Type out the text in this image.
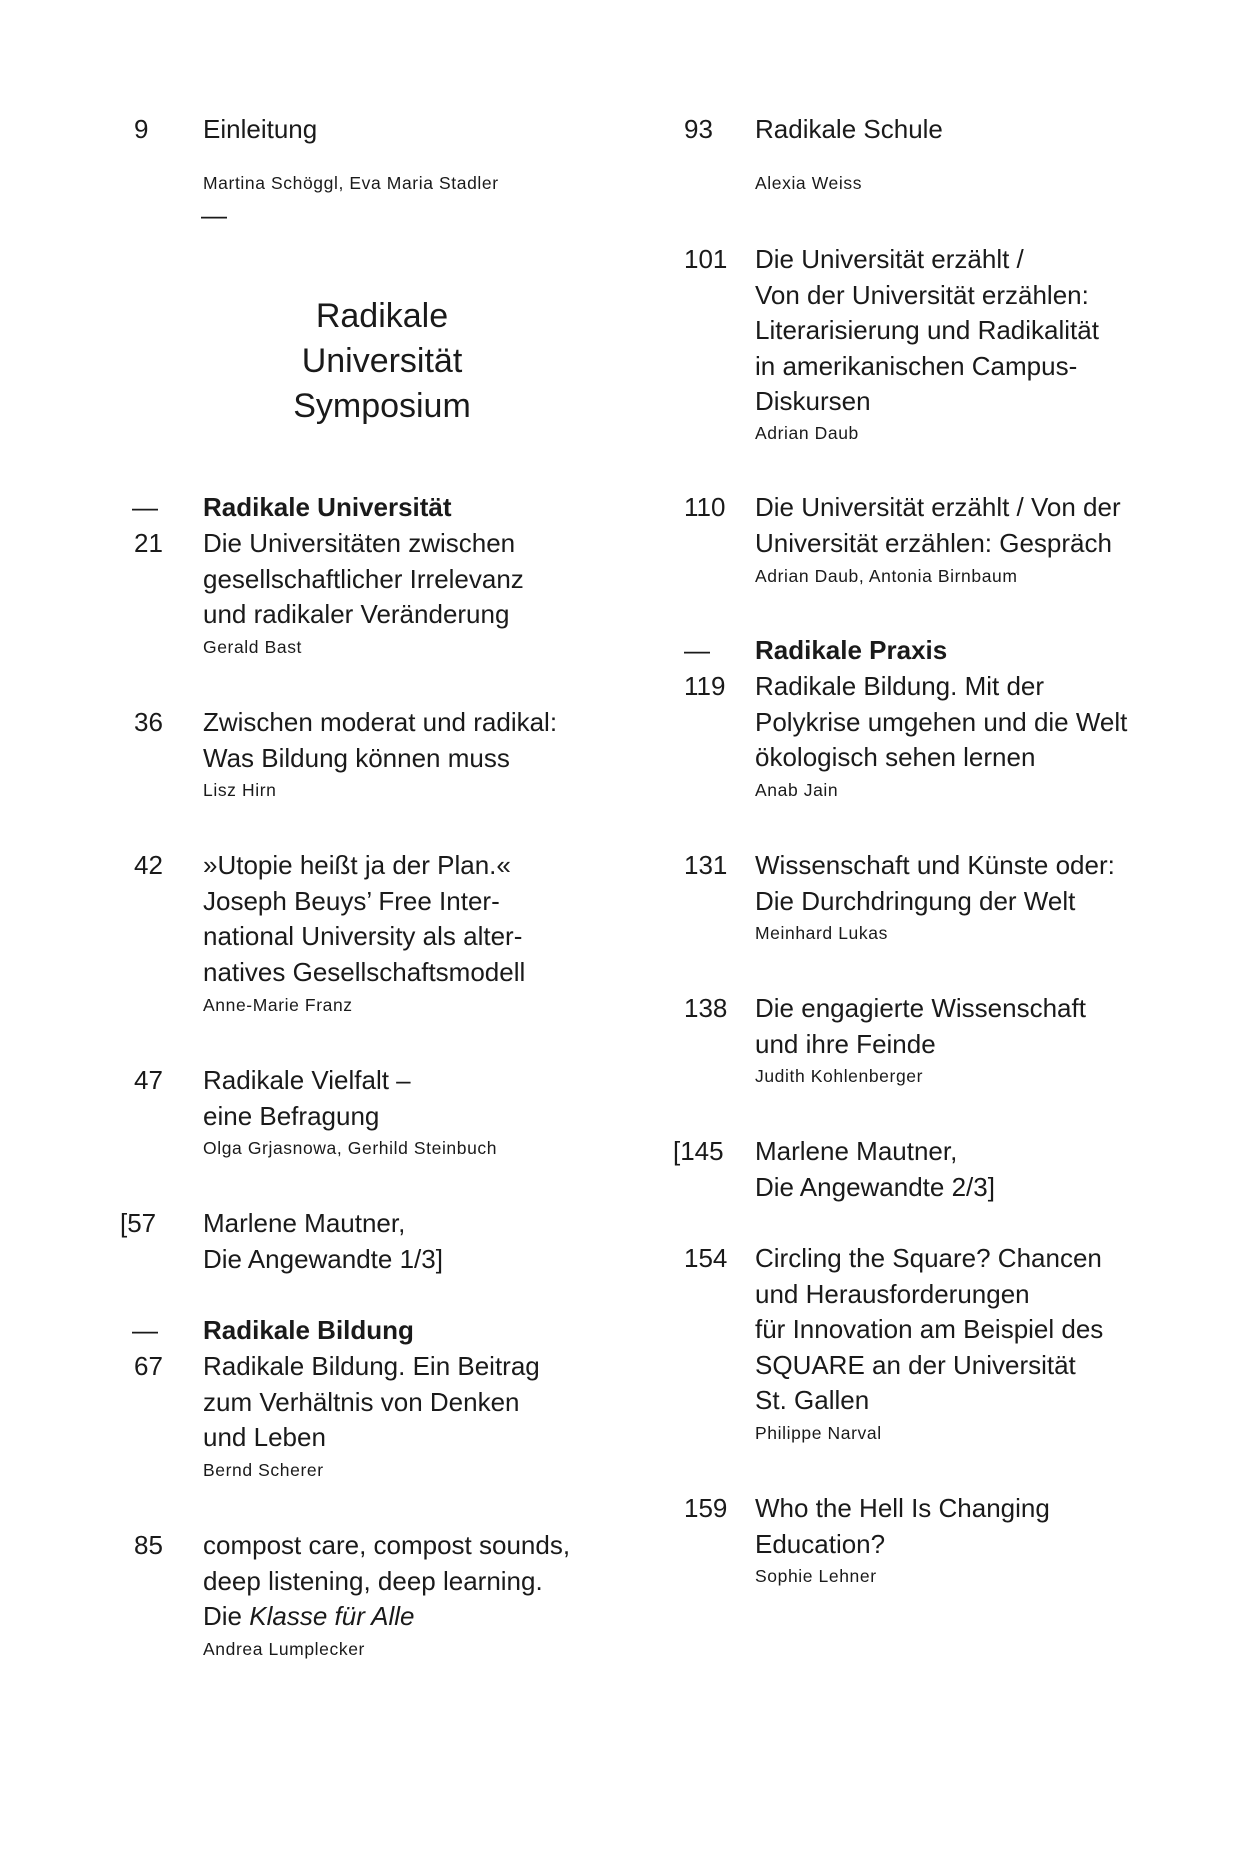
9 Einleitung
Martina Schöggl, Eva Maria Stadler
—
Radikale
Universität
Symposium
— Radikale Universität
21 Die Universitäten zwischen
gesellschaftlicher Irrelevanz
und radikaler Veränderung
Gerald Bast
36 Zwischen moderat und radikal:
Was Bildung können muss
Lisz Hirn
42 »Utopie heißt ja der Plan.«
Joseph Beuys’ Free Inter-
national University als alter-
natives Gesellschaftsmodell
Anne-Marie Franz
47 Radikale Vielfalt –
eine Befragung
Olga Grjasnowa, Gerhild Steinbuch
[57 Marlene Mautner,
Die Angewandte 1/3]
— Radikale Bildung
67 Radikale Bildung. Ein Beitrag
zum Verhältnis von Denken
und Leben
Bernd Scherer
85 compost care, compost sounds,
deep listening, deep learning.
Die Klasse für Alle
Andrea Lumplecker
93 Radikale Schule
Alexia Weiss
101 Die Universität erzählt /
Von der Universität erzählen:
Literarisierung und Radikalität
in amerikanischen Campus-
Diskursen
Adrian Daub
110 Die Universität erzählt / Von der
Universität erzählen: Gespräch
Adrian Daub, Antonia Birnbaum
— Radikale Praxis
119 Radikale Bildung. Mit der
Polykrise umgehen und die Welt
ökologisch sehen lernen
Anab Jain
131 Wissenschaft und Künste oder:
Die Durchdringung der Welt
Meinhard Lukas
138 Die engagierte Wissenschaft
und ihre Feinde
Judith Kohlenberger
[145 Marlene Mautner,
Die Angewandte 2/3]
154 Circling the Square? Chancen
und Herausforderungen
für Innovation am Beispiel des
SQUARE an der Universität
St. Gallen
Philippe Narval
159 Who the Hell Is Changing
Education?
Sophie Lehner
